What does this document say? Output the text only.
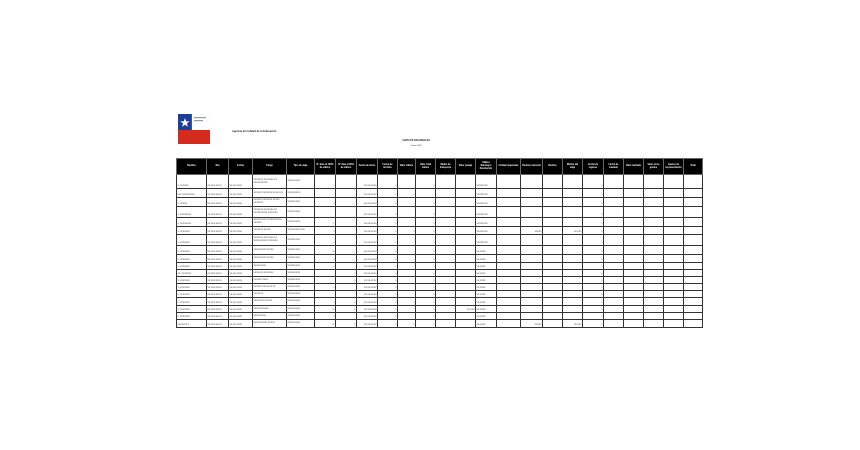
Agencia de Calidad de la Educación
VIATICOS NACIONALES
Junio 2018
Nombre	Rut	Fecha	Cargo	Tipo de viaje	N° días al 100% de viático	N° días al 60% de viático	Fecha de inicio	Fecha de término	Valor viático	Valor total viático	Medio de transporte	Valor pasaje	Viático Reintegro Devolución	Unidad requirente	Destino nacional	Destino	Motivo del viaje	Fecha de regreso	Fecha de traslado	Valor traslado	Valor otros gastos	Gastos de representación	Total
X. XXXXXX	XX.XXX.XXX-X	XX-XX-XXXX	XXXXXXX XXXXXXX XX XXXXXXXXXX	XXXXXXXXX	1		XX-XX-XXXX	1		1			XXXXXXXX					1					
XXX XXXXXXXXX	XX.XXX.XXX-X	XX-XX-XXXX	XXXXXX XXXXXXX XXXXX XX	XXXXXXXXX			XX-XX-XXXX	1	1				XXXXXXXX					1					
X. XXXXX	XX.XXX.XXX-X	XX-XX-XXXX	XXXXXX XXXXXXX XXXXX XXXXXXX	XXXXXXXXX	1		XX-XX-XXXX	1		1			XXXXXXXX					1					
X. XXXXXXXX	XX.XXX.XXX-X	XX-XX-XXXX	XXXXXXX XXXXXXX XX XXXXXXXXXX XXXXXXX	XXXXXXXXX			XX-XX-XXXX	1		1			XXXXXXXX					1					
X. XXXXXXXX	XX.XXX.XXX-X	XX-XX-XXXX	XXXXXXXXX XXXXXXXXXXX XXXXXX	XXXXXXXXX	1		XX-XX-XXXX	1		1			XXXXXXXX					1					
X. XXXXXXX	XX.XXX.XXX-X	XX-XX-XXXX	XXXXXXX XXXXX	XXXXXXXXX XXX	1		XX-XX-XXXX	1	1	1			XXXXXXXX		XXXXX		XX.XXX	1					
X. XXXXXXX	XX.XXX.XXX-X	XX-XX-XXXX	XXXXXXX XXXXXXX XX XXXXXXXXXX XXXXXXX	XXXXXXXXX	1		XX-XX-XXXX	1		1			XXXXXXXX					1					
X. XXXXXXX	XX.XXX.XXX-X	XX-XX-XXXX	XXXXXXXXX XXXXX	XXXXXXXXX	11		XX-XX-XXXX	1		1			XX-XXXX					1					
X. XXXXXXX	XX.XXX.XXX-X	XX-XX-XXXX	XXXXXXXXX XXXXX	XXXXXXXXX	1		XX-XX-XXXX	1		1			XX-XXXX					1					
X. XXXXXXX	XX.XXX.XXX-X	XX-XX-XXXX	XXXXXXXXX	XXXXXXXXX	1		XX-XX-XXXX	1		1			XX-XXXX					1					
XX. XXXXXXX	XX.XXX.XXX-X	XX-XX-XXXX	XXXXXXX XXXXXXX	XXXXXXXXX		1	XX-XX-XXXX	1		1			XX-XXXX					1					
X. XXXXXXX	XX.XXX.XXX-X	XX-XX-XXXX	XXXXXX XXXX	XXXXXXXXX		1	XX-XX-XXXX	1		1			XX-XXXX					1					
X. XXXXXXX	XX.XXX.XXX-X	XX-XX-XXXX	XXXXXX XXXXXXX XX	XXXXXXXXX	1		XX-XX-XXXX	1		1			XX-XXXX					1					
X. XXXXXXX	XX.XXX.XXX-X	XX-XX-XXXX	XXXXXXX	XXXXXXXXX			XX-XX-XXXX	1		1			XX-XXXX					1					
X. XXXXXXX	XX.XXX.XXX-X	XX-XX-XXXX	XXXXXXXX XXXXX	XXXXXXXXX	1	1	XX-XX-XXXX	1	1	1			XX-XXXX					1					
X. XXXXXXX	XX.XXX.XXX-X	XX-XX-XXXX	XXXXXXXXXXX	XXXXXXXXX	11	1	XX-XX-XXXX	1		1		XX.XXX	XX-XXXX					1					
X. XXXXXXX	XX.XXX.XXX-X	XX-XX-XXXX	XXXXXXXXX	XXXXXXXXX	1		XX-XX-XXXX	1		1			XX-XXXX					1					
XXXXXXX X.	XX.XXX.XXX-X	XX-XX-XXXX	XXXXXXXXXX XXXXX	XXXXXXXXX	11	1	XX-XX-XXXX	1	1	1			XX-XXXX		XXXXX		XX.XXX	1					
